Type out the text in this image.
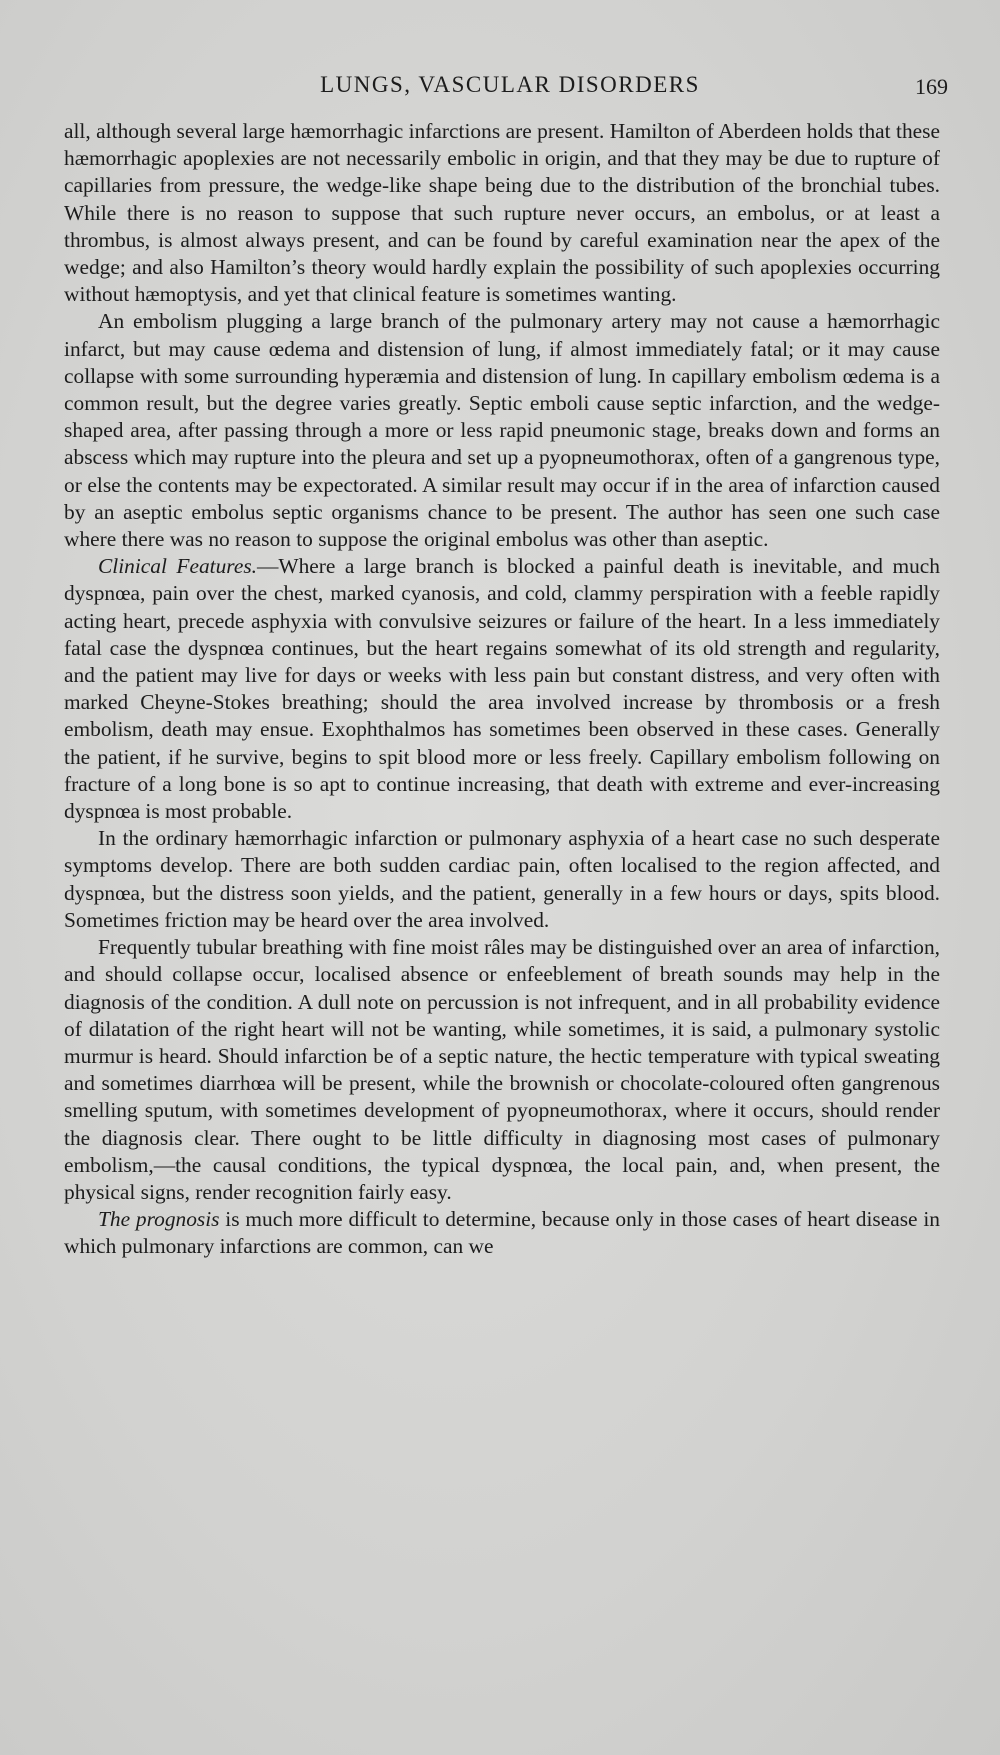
LUNGS, VASCULAR DISORDERS	169

all, although several large hæmorrhagic infarctions are present. Hamilton of Aberdeen holds that these hæmorrhagic apoplexies are not necessarily embolic in origin, and that they may be due to rupture of capillaries from pressure, the wedge-like shape being due to the distribution of the bronchial tubes. While there is no reason to suppose that such rupture never occurs, an embolus, or at least a thrombus, is almost always present, and can be found by careful examination near the apex of the wedge; and also Hamilton’s theory would hardly explain the possibility of such apoplexies occurring without hæmoptysis, and yet that clinical feature is sometimes wanting.

An embolism plugging a large branch of the pulmonary artery may not cause a hæmorrhagic infarct, but may cause œdema and distension of lung, if almost immediately fatal; or it may cause collapse with some surrounding hyperæmia and distension of lung. In capillary embolism œdema is a common result, but the degree varies greatly. Septic emboli cause septic infarction, and the wedge-shaped area, after passing through a more or less rapid pneumonic stage, breaks down and forms an abscess which may rupture into the pleura and set up a pyopneumothorax, often of a gangrenous type, or else the contents may be expectorated. A similar result may occur if in the area of infarction caused by an aseptic embolus septic organisms chance to be present. The author has seen one such case where there was no reason to suppose the original embolus was other than aseptic.

Clinical Features.—Where a large branch is blocked a painful death is inevitable, and much dyspnœa, pain over the chest, marked cyanosis, and cold, clammy perspiration with a feeble rapidly acting heart, precede asphyxia with convulsive seizures or failure of the heart. In a less immediately fatal case the dyspnœa continues, but the heart regains somewhat of its old strength and regularity, and the patient may live for days or weeks with less pain but constant distress, and very often with marked Cheyne-Stokes breathing; should the area involved increase by thrombosis or a fresh embolism, death may ensue. Exophthalmos has sometimes been observed in these cases. Generally the patient, if he survive, begins to spit blood more or less freely. Capillary embolism following on fracture of a long bone is so apt to continue increasing, that death with extreme and ever-increasing dyspnœa is most probable.

In the ordinary hæmorrhagic infarction or pulmonary asphyxia of a heart case no such desperate symptoms develop. There are both sudden cardiac pain, often localised to the region affected, and dyspnœa, but the distress soon yields, and the patient, generally in a few hours or days, spits blood. Sometimes friction may be heard over the area involved.

Frequently tubular breathing with fine moist râles may be distinguished over an area of infarction, and should collapse occur, localised absence or enfeeblement of breath sounds may help in the diagnosis of the condition. A dull note on percussion is not infrequent, and in all probability evidence of dilatation of the right heart will not be wanting, while sometimes, it is said, a pulmonary systolic murmur is heard. Should infarction be of a septic nature, the hectic temperature with typical sweating and sometimes diarrhœa will be present, while the brownish or chocolate-coloured often gangrenous smelling sputum, with sometimes development of pyopneumothorax, where it occurs, should render the diagnosis clear. There ought to be little difficulty in diagnosing most cases of pulmonary embolism,—the causal conditions, the typical dyspnœa, the local pain, and, when present, the physical signs, render recognition fairly easy.

The prognosis is much more difficult to determine, because only in those cases of heart disease in which pulmonary infarctions are common, can we
